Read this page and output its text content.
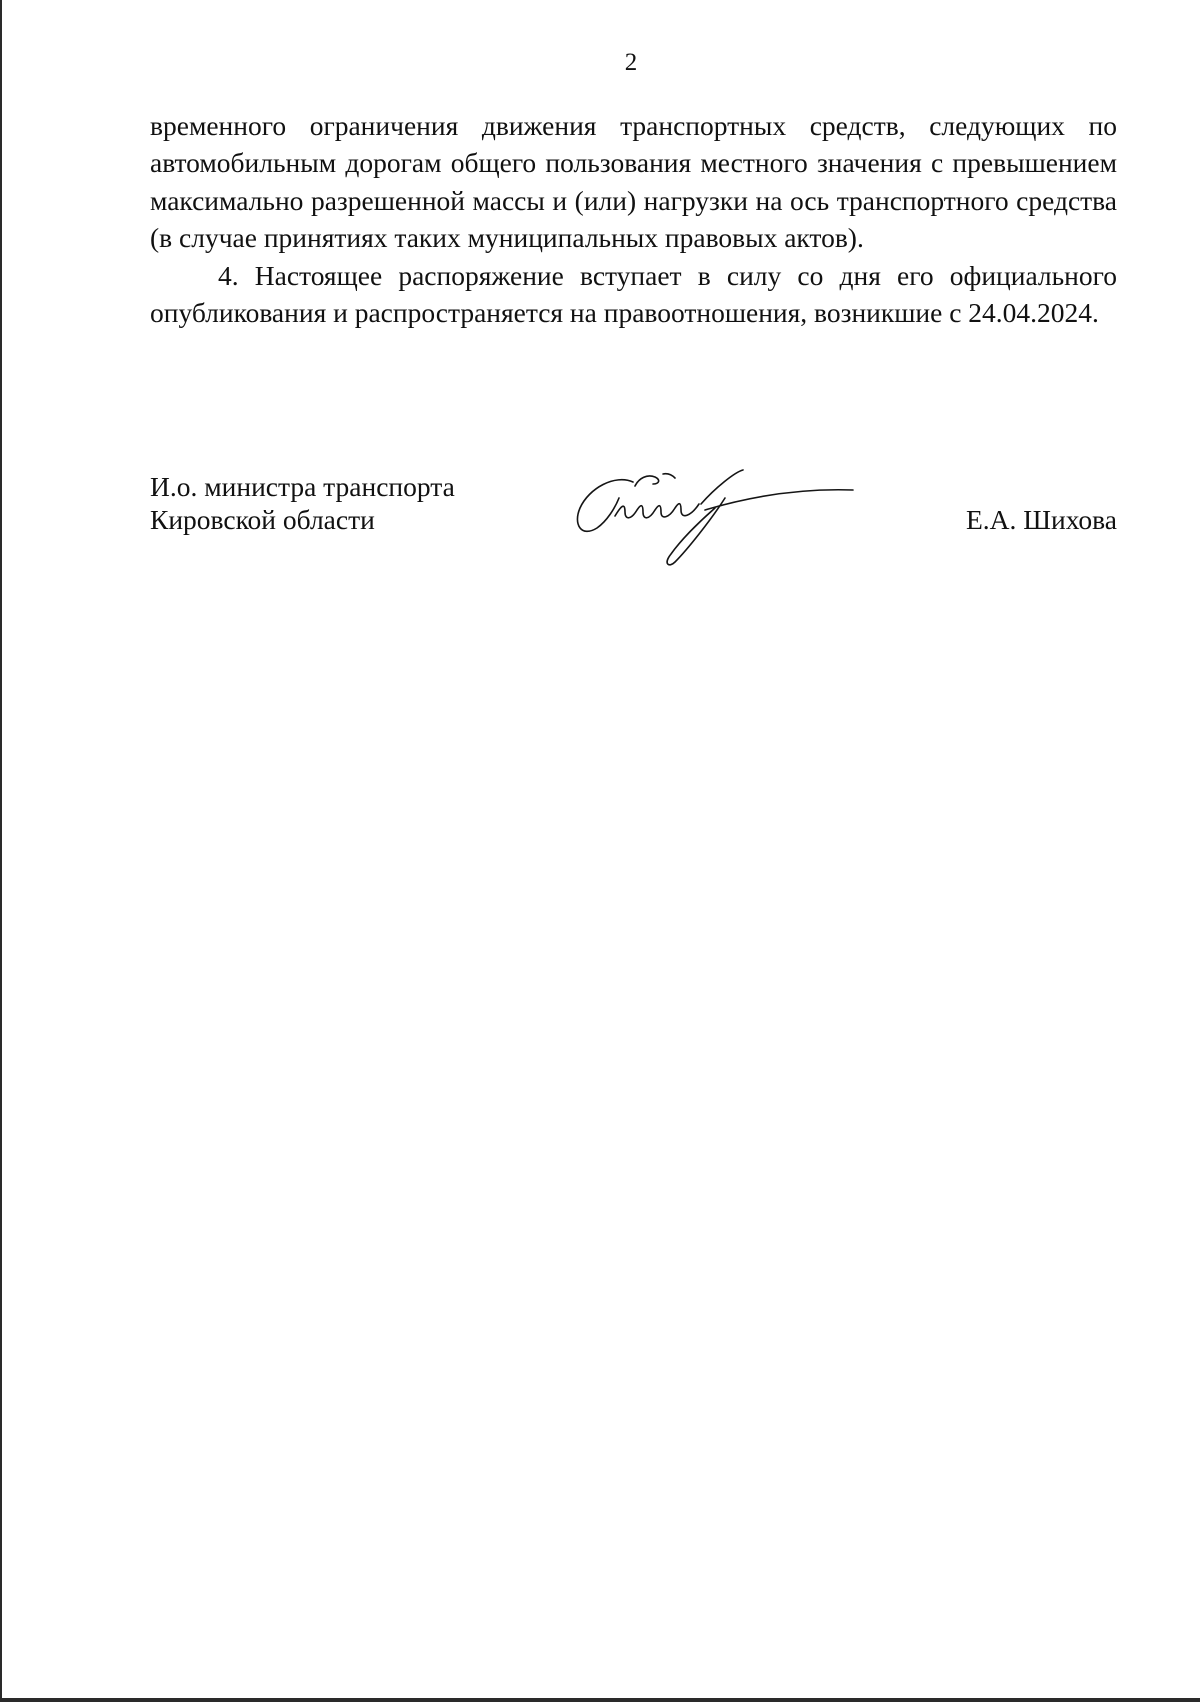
2

временного ограничения движения транспортных средств, следующих по автомобильным дорогам общего пользования местного значения с превышением максимально разрешенной массы и (или) нагрузки на ось транспортного средства (в случае принятиях таких муниципальных правовых актов).

4. Настоящее распоряжение вступает в силу со дня его официального опубликования и распространяется на правоотношения, возникшие с 24.04.2024.

И.о. министра транспорта
Кировской области	Е.А. Шихова
